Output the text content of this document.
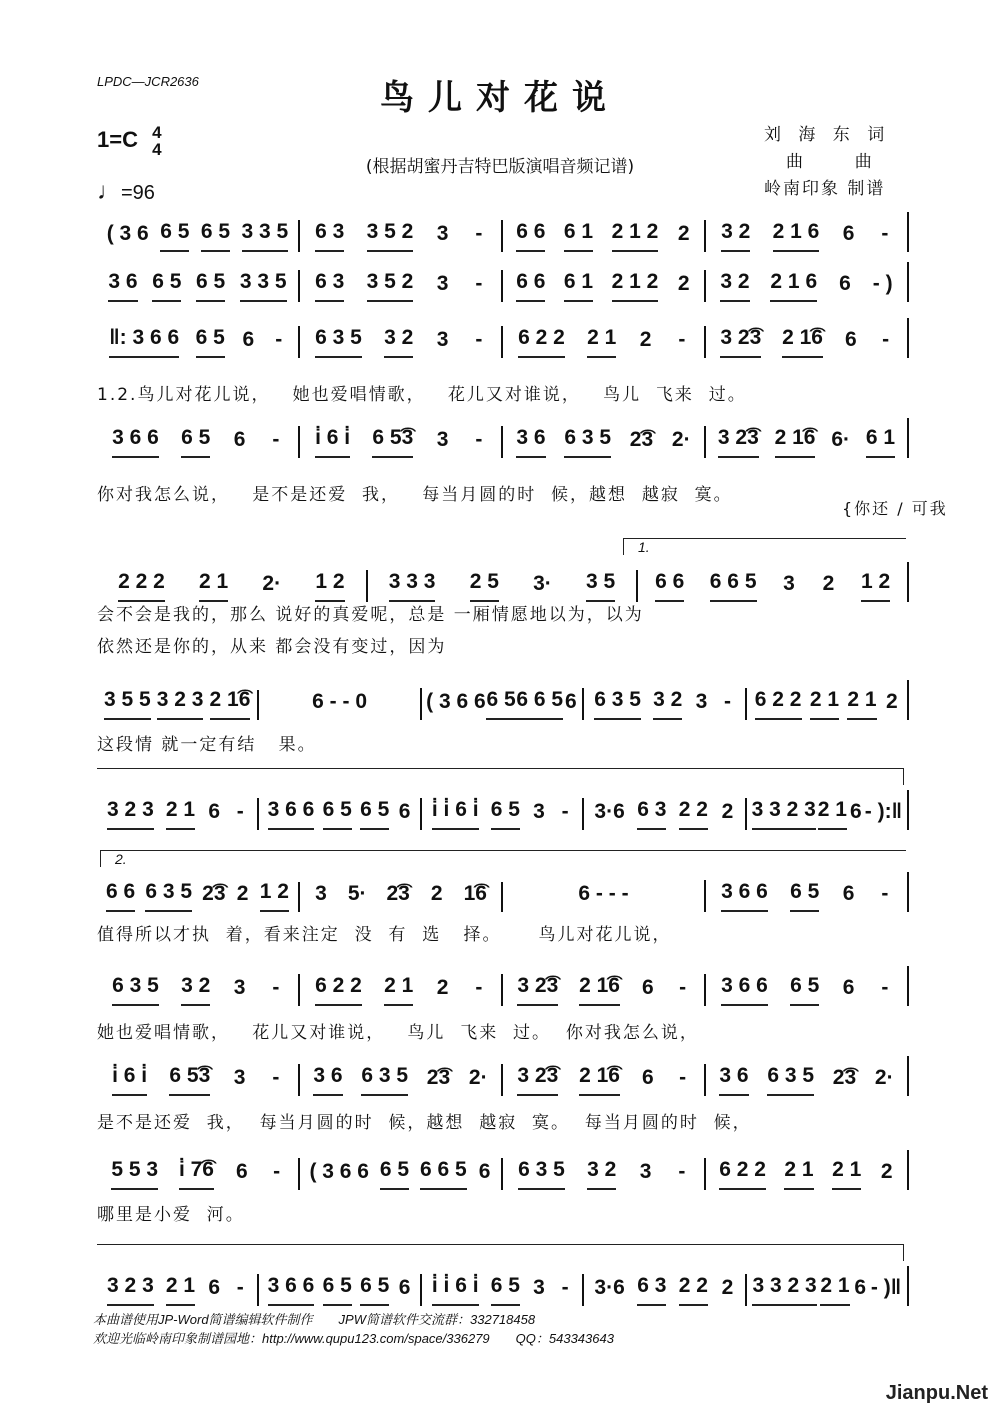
LPDC—JCR2636	鸟儿对花说
1=C 4
4
♩=96
(根据胡蜜丹吉特巴版演唱音频记谱)
刘 海 东 词
曲 　 曲
岭南印象 制谱
( 3 6 6 5 6 5 3 3 5 6 3 3 5 2 3 - 6 6 6 1 2 1 2 2 3 2 2 1 6 6 -
3 6 6 5 6 5 3 3 5 6 3 3 5 2 3 - 6 6 6 1 2 1 2 2 3 2 2 1 6 6 - )
‖: 3 6 6 6 5 6 - 6 3 5 3 2 3 - 6 2 2 2 1 2 - 3 2͡3 2 1͡6 6 -
1.2.鸟儿对花儿说，   她也爱唱情歌，   花儿又对谁说，   鸟儿  飞来  过。
3 6 6 6 5 6 - i̇ 6 i̇ 6 5͡3 3 - 3 6 6 3 5 2͡3 2· 3 2͡3 2 1͡6 6· 6 1
你对我怎么说，   是不是还爱  我，   每当月圆的时  候，越想  越寂  寞。
{你还 / 可我
1.
2 2 2 2 1 2· 1 2 3 3 3 2 5 3· 3 5 6 6 6 6 5 3 2 1 2
会不会是我的，那么 说好的真爱呢，总是 一厢情愿地以为，以为
依然还是你的，从来 都会没有变过，因为
3 5 5 3 2 3 2 1͡6	6 - - 0	( 3 6 6 6 5 6 6 5 6 6 3 5 3 2 3 - 6 2 2 2 1 2 1 2
这段情 就一定有结   果。
3 2 3 2 1 6 - 3 6 6 6 5 6 5 6 i̇ i̇ 6 i̇ 6 5 3 - 3·6 6 3 2 2 2 3 3 2 3 2 1 6 - ):‖
2.
6 6 6 3 5 2͡3 2 1 2 3 5· 2͡3 2 1͡6	6 - - -	3 6 6 6 5 6 -
值得所以才执  着，看来注定  没  有  选   择。     鸟儿对花儿说，
6 3 5 3 2 3 - 6 2 2 2 1 2 - 3 2͡3 2 1͡6 6 - 3 6 6 6 5 6 -
她也爱唱情歌，   花儿又对谁说，   鸟儿  飞来  过。  你对我怎么说，
i̇ 6 i̇ 6 5͡3 3 - 3 6 6 3 5 2͡3 2· 3 2͡3 2 1͡6 6 - 3 6 6 3 5 2͡3 2·
是不是还爱  我，  每当月圆的时  候，越想  越寂  寞。  每当月圆的时  候，
5 5 3 i̇ 7͡6 6 - ( 3 6 6 6 5 6 6 5 6 6 3 5 3 2 3 - 6 2 2 2 1 2 1 2
哪里是小爱  河。
3 2 3 2 1 6 - 3 6 6 6 5 6 5 6 i̇ i̇ 6 i̇ 6 5 3 - 3·6 6 3 2 2 2 3 3 2 3 2 1 6 - )‖
本曲谱使用JP-Word简谱编辑软件制作　　JPW简谱软件交流群：332718458
欢迎光临岭南印象制谱园地：http://www.qupu123.com/space/336279　　QQ：543343643
Jianpu.Net
